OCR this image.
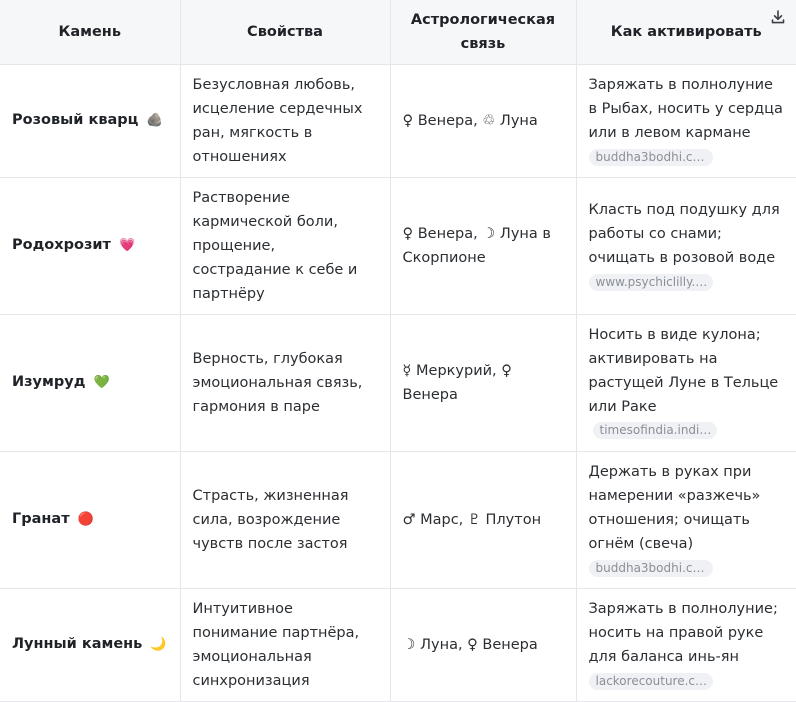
Камень	Свойства	Астрологическая связь	Как активировать
Розовый кварц 🪨	Безусловная любовь, исцеление сердечных ран, мягкость в отношениях	♀ Венера, ♲ Луна	Заряжать в полнолуние в Рыбах, носить у сердца или в левом кармане
buddha3bodhi.c…
Родохрозит 💗	Растворение кармической боли, прощение, сострадание к себе и партнёру	♀ Венера, ☽ Луна в Скорпионе	Класть под подушку для работы со снами; очищать в розовой воде
www.psychiclilly.…
Изумруд 💚	Верность, глубокая эмоциональная связь, гармония в паре	☿ Меркурий, ♀ Венера	Носить в виде кулона; активировать на растущей Луне в Тельце или Ракеtimesofindia.indi…
Гранат 🔴	Страсть, жизненная сила, возрождение чувств после застоя	♂ Марс, ♇ Плутон	Держать в руках при намерении «разжечь» отношения; очищать огнём (свеча)
buddha3bodhi.c…
Лунный камень 🌙	Интуитивное понимание партнёра, эмоциональная синхронизация	☽ Луна, ♀ Венера	Заряжать в полнолуние; носить на правой руке для баланса инь-ян
lackorecouture.c…
